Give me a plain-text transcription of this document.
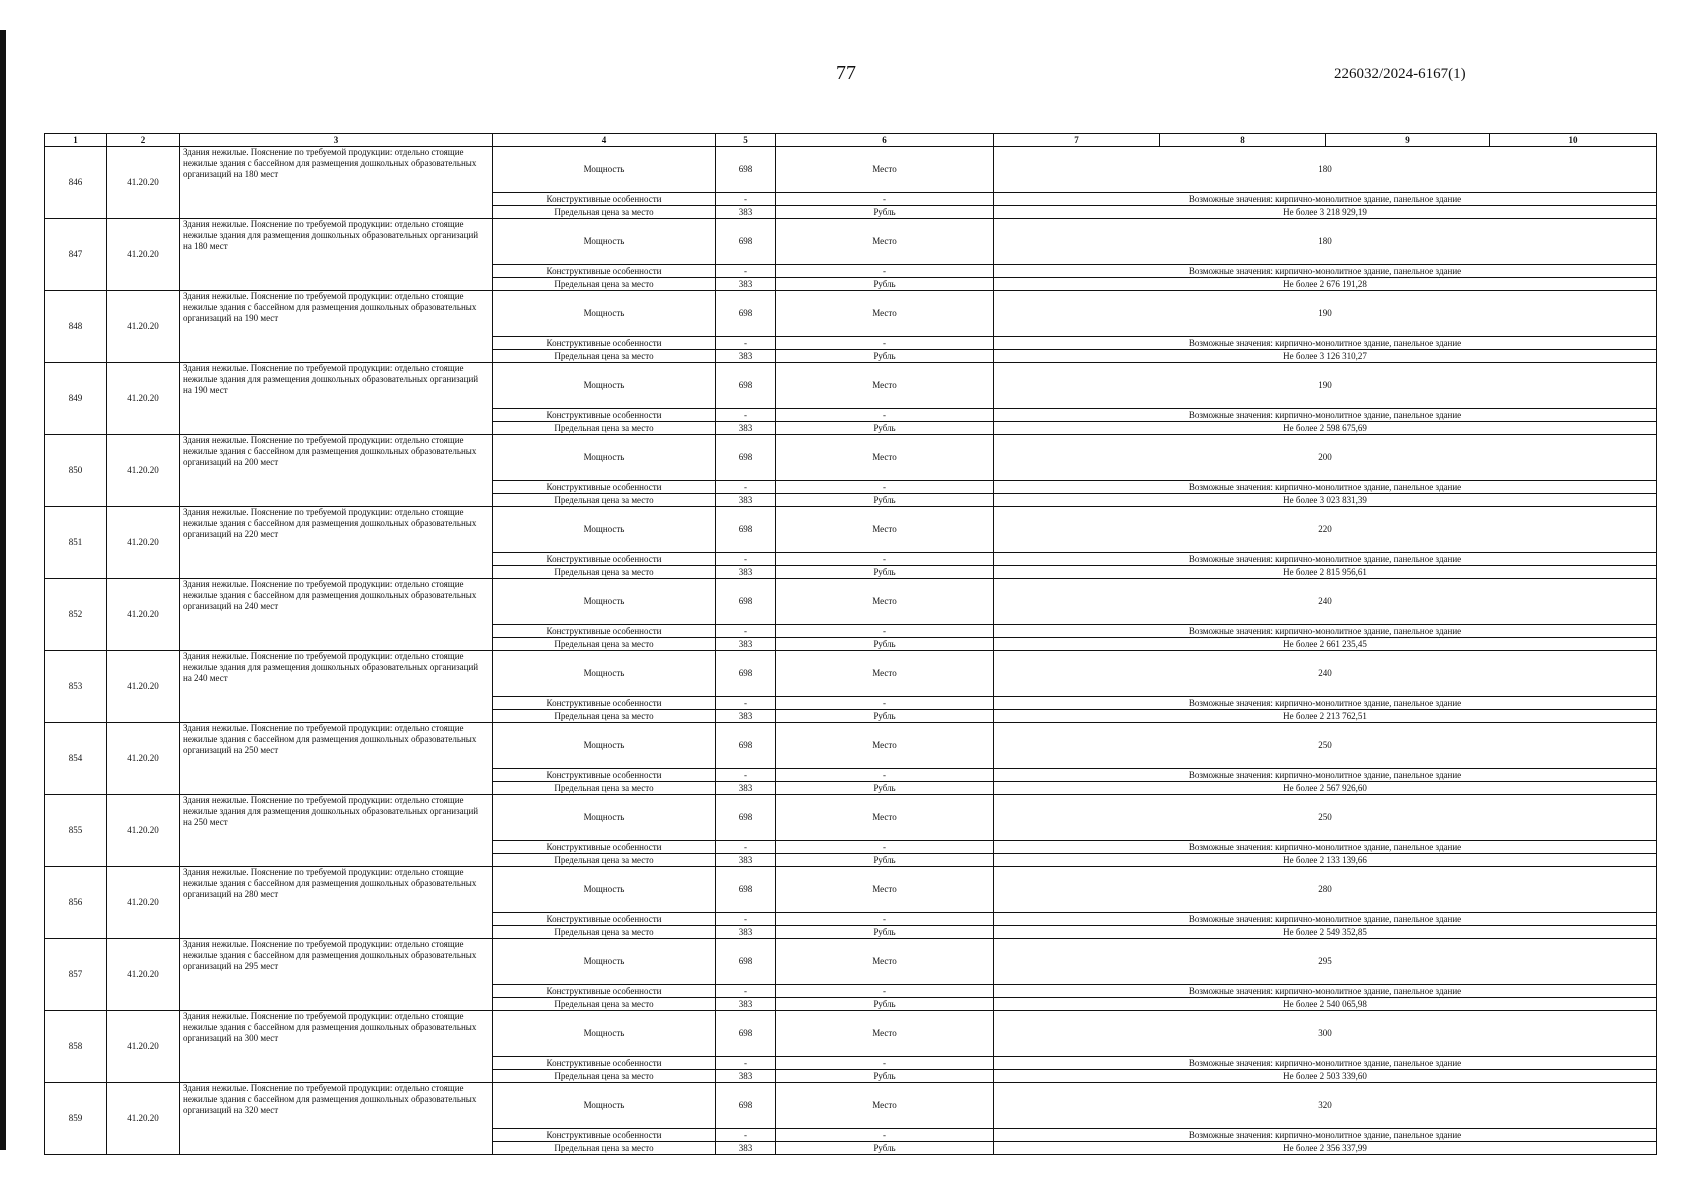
77	226032/2024-6167(1)
1	2	3	4	5	6	7	8	9	10
846	41.20.20	Здания нежилые. Пояснение по требуемой продукции: отдельно стоящие нежилые здания с бассейном для размещения дошкольных образовательных организаций на 180 мест	Мощность	698	Место	180			
			Конструктивные особенности	-	-	Возможные значения: кирпично-монолитное здание, панельное здание			
			Предельная цена за место	383	Рубль	Не более 3 218 929,19			
847	41.20.20	Здания нежилые. Пояснение по требуемой продукции: отдельно стоящие нежилые здания для размещения дошкольных образовательных организаций на 180 мест	Мощность	698	Место	180			
			Конструктивные особенности	-	-	Возможные значения: кирпично-монолитное здание, панельное здание			
			Предельная цена за место	383	Рубль	Не более 2 676 191,28			
848	41.20.20	Здания нежилые. Пояснение по требуемой продукции: отдельно стоящие нежилые здания с бассейном для размещения дошкольных образовательных организаций на 190 мест	Мощность	698	Место	190			
			Конструктивные особенности	-	-	Возможные значения: кирпично-монолитное здание, панельное здание			
			Предельная цена за место	383	Рубль	Не более 3 126 310,27			
849	41.20.20	Здания нежилые. Пояснение по требуемой продукции: отдельно стоящие нежилые здания для размещения дошкольных образовательных организаций на 190 мест	Мощность	698	Место	190			
			Конструктивные особенности	-	-	Возможные значения: кирпично-монолитное здание, панельное здание			
			Предельная цена за место	383	Рубль	Не более 2 598 675,69			
850	41.20.20	Здания нежилые. Пояснение по требуемой продукции: отдельно стоящие нежилые здания с бассейном для размещения дошкольных образовательных организаций на 200 мест	Мощность	698	Место	200			
			Конструктивные особенности	-	-	Возможные значения: кирпично-монолитное здание, панельное здание			
			Предельная цена за место	383	Рубль	Не более 3 023 831,39			
851	41.20.20	Здания нежилые. Пояснение по требуемой продукции: отдельно стоящие нежилые здания с бассейном для размещения дошкольных образовательных организаций на 220 мест	Мощность	698	Место	220			
			Конструктивные особенности	-	-	Возможные значения: кирпично-монолитное здание, панельное здание			
			Предельная цена за место	383	Рубль	Не более 2 815 956,61			
852	41.20.20	Здания нежилые. Пояснение по требуемой продукции: отдельно стоящие нежилые здания с бассейном для размещения дошкольных образовательных организаций на 240 мест	Мощность	698	Место	240			
			Конструктивные особенности	-	-	Возможные значения: кирпично-монолитное здание, панельное здание			
			Предельная цена за место	383	Рубль	Не более 2 661 235,45			
853	41.20.20	Здания нежилые. Пояснение по требуемой продукции: отдельно стоящие нежилые здания для размещения дошкольных образовательных организаций на 240 мест	Мощность	698	Место	240			
			Конструктивные особенности	-	-	Возможные значения: кирпично-монолитное здание, панельное здание			
			Предельная цена за место	383	Рубль	Не более 2 213 762,51			
854	41.20.20	Здания нежилые. Пояснение по требуемой продукции: отдельно стоящие нежилые здания с бассейном для размещения дошкольных образовательных организаций на 250 мест	Мощность	698	Место	250			
			Конструктивные особенности	-	-	Возможные значения: кирпично-монолитное здание, панельное здание			
			Предельная цена за место	383	Рубль	Не более 2 567 926,60			
855	41.20.20	Здания нежилые. Пояснение по требуемой продукции: отдельно стоящие нежилые здания для размещения дошкольных образовательных организаций на 250 мест	Мощность	698	Место	250			
			Конструктивные особенности	-	-	Возможные значения: кирпично-монолитное здание, панельное здание			
			Предельная цена за место	383	Рубль	Не более 2 133 139,66			
856	41.20.20	Здания нежилые. Пояснение по требуемой продукции: отдельно стоящие нежилые здания с бассейном для размещения дошкольных образовательных организаций на 280 мест	Мощность	698	Место	280			
			Конструктивные особенности	-	-	Возможные значения: кирпично-монолитное здание, панельное здание			
			Предельная цена за место	383	Рубль	Не более 2 549 352,85			
857	41.20.20	Здания нежилые. Пояснение по требуемой продукции: отдельно стоящие нежилые здания с бассейном для размещения дошкольных образовательных организаций на 295 мест	Мощность	698	Место	295			
			Конструктивные особенности	-	-	Возможные значения: кирпично-монолитное здание, панельное здание			
			Предельная цена за место	383	Рубль	Не более 2 540 065,98			
858	41.20.20	Здания нежилые. Пояснение по требуемой продукции: отдельно стоящие нежилые здания с бассейном для размещения дошкольных образовательных организаций на 300 мест	Мощность	698	Место	300			
			Конструктивные особенности	-	-	Возможные значения: кирпично-монолитное здание, панельное здание			
			Предельная цена за место	383	Рубль	Не более 2 503 339,60			
859	41.20.20	Здания нежилые. Пояснение по требуемой продукции: отдельно стоящие нежилые здания с бассейном для размещения дошкольных образовательных организаций на 320 мест	Мощность	698	Место	320			
			Конструктивные особенности	-	-	Возможные значения: кирпично-монолитное здание, панельное здание			
			Предельная цена за место	383	Рубль	Не более 2 356 337,99			
